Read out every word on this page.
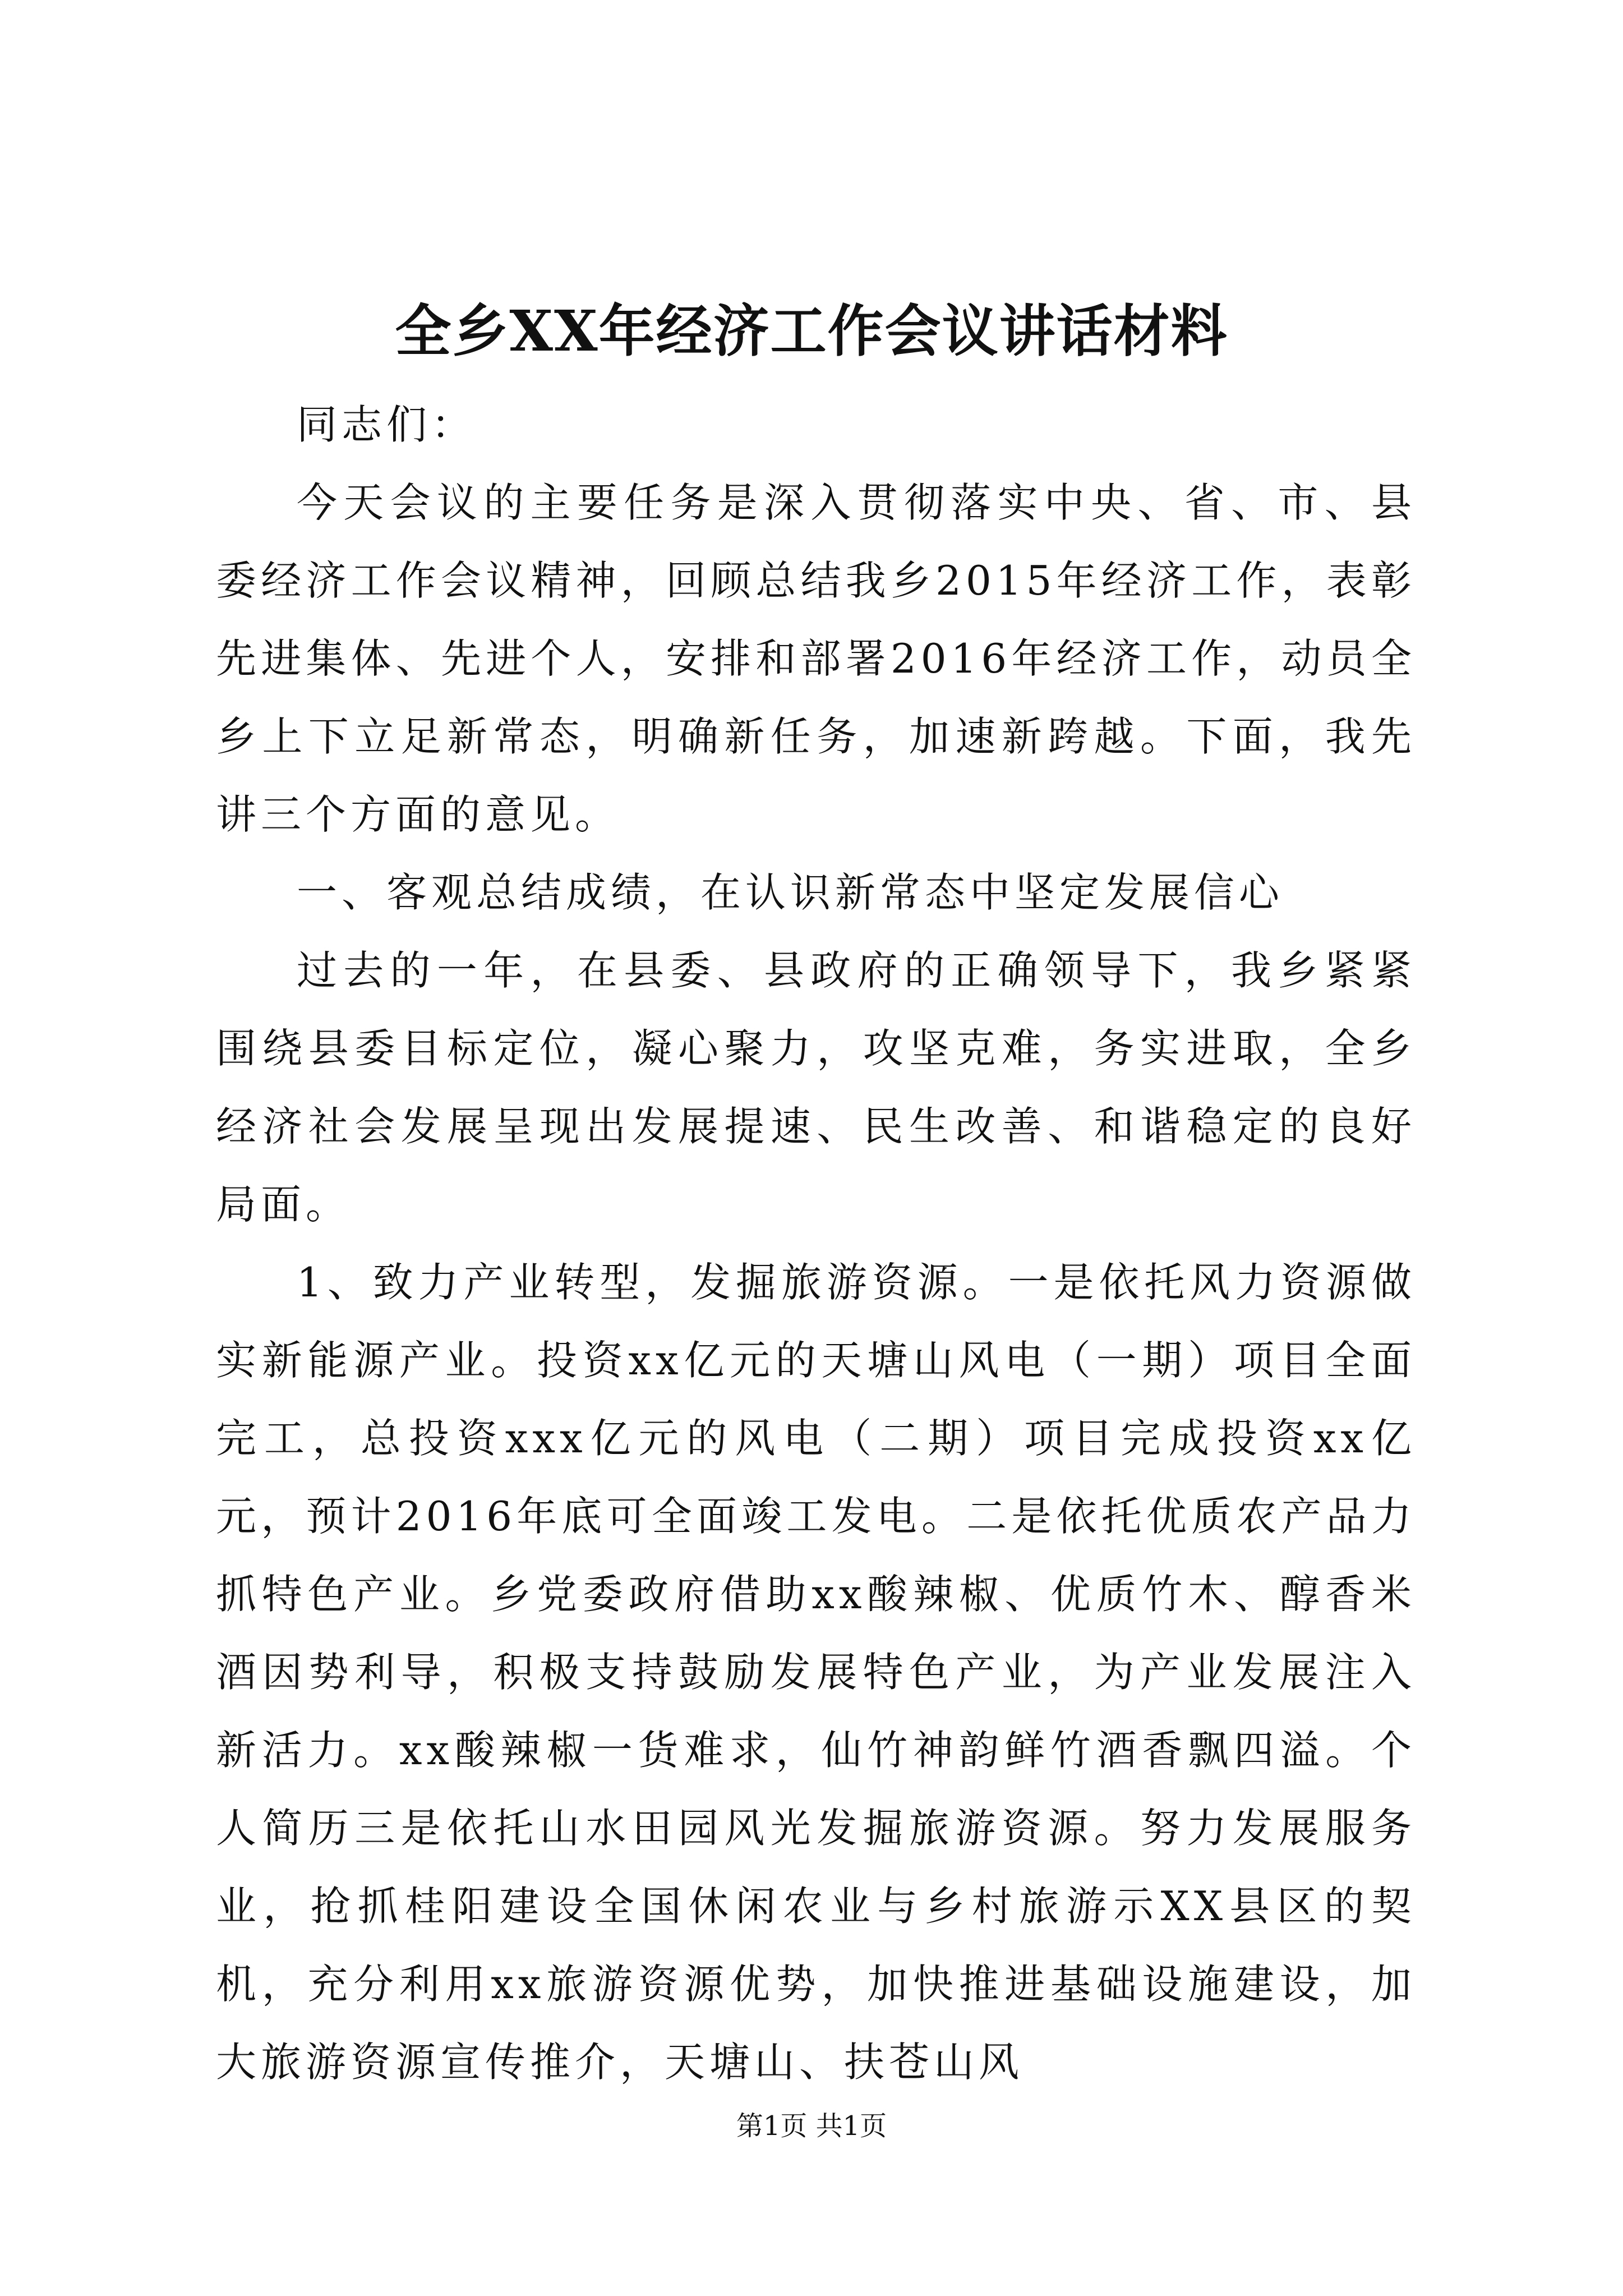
全乡XX年经济工作会议讲话材料

同志们：

今天会议的主要任务是深入贯彻落实中央、省、市、县委经济工作会议精神，回顾总结我乡2015年经济工作，表彰先进集体、先进个人，安排和部署2016年经济工作，动员全乡上下立足新常态，明确新任务，加速新跨越。下面，我先讲三个方面的意见。

一、客观总结成绩，在认识新常态中坚定发展信心

过去的一年，在县委、县政府的正确领导下，我乡紧紧围绕县委目标定位，凝心聚力，攻坚克难，务实进取，全乡经济社会发展呈现出发展提速、民生改善、和谐稳定的良好局面。

1、致力产业转型，发掘旅游资源。一是依托风力资源做实新能源产业。投资xx亿元的天塘山风电（一期）项目全面完工，总投资xxx亿元的风电（二期）项目完成投资xx亿元，预计2016年底可全面竣工发电。二是依托优质农产品力抓特色产业。乡党委政府借助xx酸辣椒、优质竹木、醇香米酒因势利导，积极支持鼓励发展特色产业，为产业发展注入新活力。xx酸辣椒一货难求，仙竹神韵鲜竹酒香飘四溢。个人简历三是依托山水田园风光发掘旅游资源。努力发展服务业，抢抓桂阳建设全国休闲农业与乡村旅游示XX县区的契机，充分利用xx旅游资源优势，加快推进基础设施建设，加大旅游资源宣传推介，天塘山、扶苍山风

第1页 共1页
